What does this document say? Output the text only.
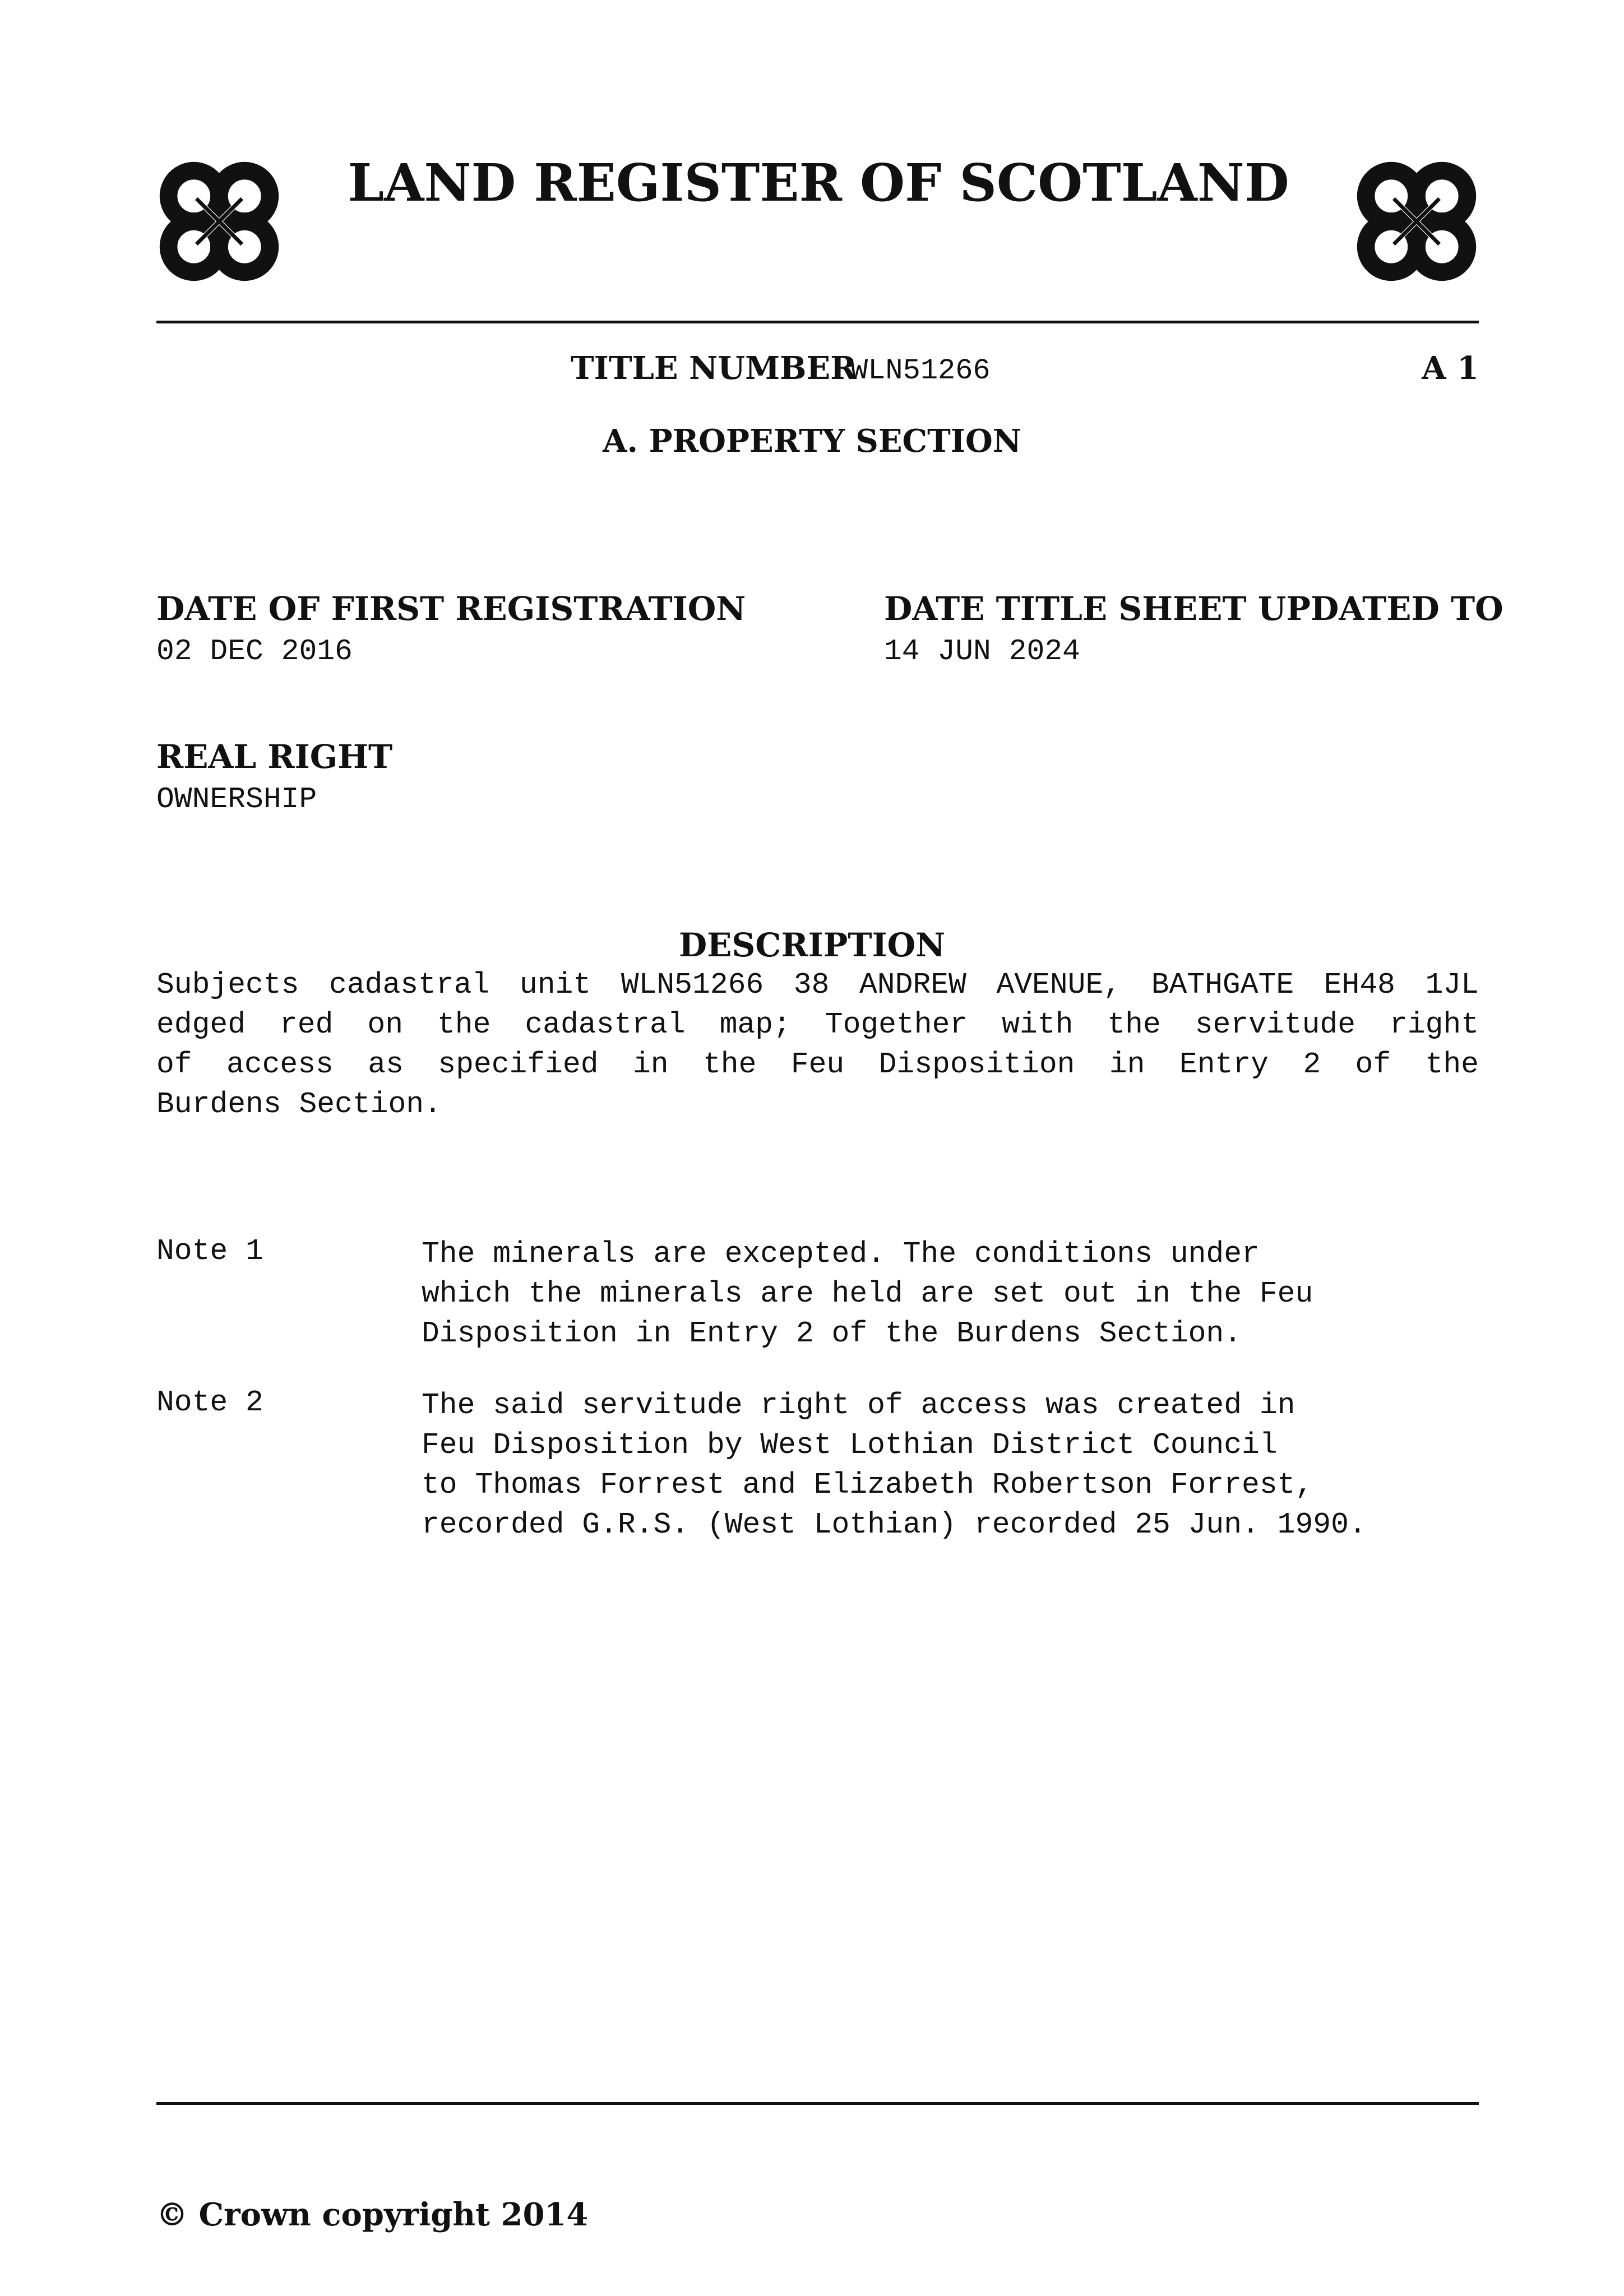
LAND REGISTER OF SCOTLAND
TITLE NUMBER
WLN51266	A 1
A. PROPERTY SECTION
DATE OF FIRST REGISTRATION
02 DEC 2016
DATE TITLE SHEET UPDATED TO
14 JUN 2024
REAL RIGHT
OWNERSHIP
DESCRIPTION
Subjects cadastral unit WLN51266 38 ANDREW AVENUE, BATHGATE EH48 1JL
edged red on the cadastral map; Together with the servitude right
of access as specified in the Feu Disposition in Entry 2 of the
Burdens Section.
Note 1	The minerals are excepted. The conditions under
which the minerals are held are set out in the Feu
Disposition in Entry 2 of the Burdens Section.
Note 2	The said servitude right of access was created in
Feu Disposition by West Lothian District Council
to Thomas Forrest and Elizabeth Robertson Forrest,
recorded G.R.S. (West Lothian) recorded 25 Jun. 1990.
© Crown copyright 2014
